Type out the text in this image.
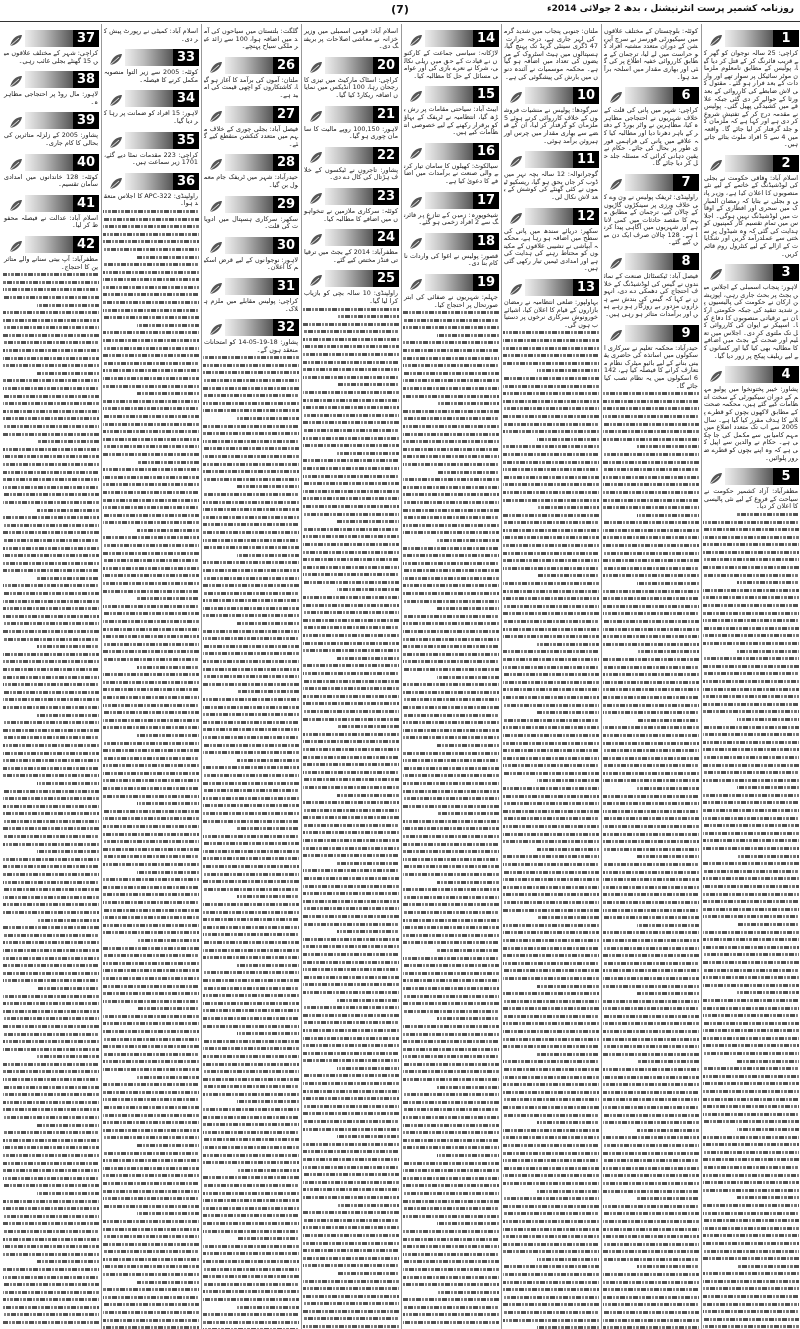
(7)	روزنامہ کشمیر پرست انٹرنیشنل ، بدھ 2 جولائی 2014ء
1
کراچی: 25 سالہ نوجوان کو گھر کے قریب فائرنگ کر کے قتل کر دیا گیا، پولیس کے مطابق نامعلوم ملزمان موٹر سائیکل پر سوار تھے اور واردات کے بعد فرار ہو گئے۔ مقتول کی لاش ضابطے کی کارروائی کے بعد ورثا کے حوالے کر دی گئی جبکہ علاقے میں کشیدگی پھیل گئی۔ پولیس نے مقدمہ درج کر کے تفتیش شروع کر دی ہے اور کہا ہے کہ ملزمان کو جلد گرفتار کر لیا جائے گا۔ واقعہ میں 4 سے 5 افراد ملوث بتائے جاتے ہیں۔
2
اسلام آباد: وفاقی حکومت نے بجلی کی لوڈشیڈنگ کے خاتمے کے لیے نئے منصوبوں کا اعلان کیا ہے، وزیر پانی و بجلی نے بتایا کہ رمضان المبارک میں سحری اور افطاری کے اوقات میں لوڈشیڈنگ نہیں ہوگی۔ اجلاس میں تمام تقسیم کار کمپنیوں کو ہدایت کی گئی کہ وہ شیڈول پر سختی سے عملدرآمد کریں اور شکایات کے ازالے کے لیے کنٹرول روم قائم کریں۔
3
لاہور: پنجاب اسمبلی کے اجلاس میں بجٹ پر بحث جاری رہی، اپوزیشن ارکان نے حکومت کی پالیسیوں پر شدید تنقید کی جبکہ حکومتی ارکان نے ترقیاتی منصوبوں کا دفاع کیا۔ اسپیکر نے ایوان کی کارروائی کل تک ملتوی کر دی۔ اجلاس میں تعلیم اور صحت کے بجٹ میں اضافے کا مطالبہ بھی کیا گیا اور کسانوں کے لیے ریلیف پیکج پر زور دیا گیا۔
4
پشاور: خیبر پختونخوا میں پولیو مہم کے دوران سیکیورٹی کے سخت انتظامات کیے گئے ہیں، محکمہ صحت کے مطابق لاکھوں بچوں کو قطرے پلانے کا ہدف مقرر کیا گیا ہے۔ سال 2005 سے اب تک متعدد اضلاع میں مہم کامیابی سے مکمل کی جا چکی ہے۔ حکام نے والدین سے اپیل کی ہے کہ وہ اپنے بچوں کو قطرے ضرور پلوائیں۔
5
مظفرآباد: آزاد کشمیر حکومت نے سیاحت کے فروغ کے لیے نئی پالیسی کا اعلان کر دیا۔
کوئٹہ: بلوچستان کے مختلف علاقوں میں سیکیورٹی فورسز نے سرچ آپریشن کے دوران متعدد مشتبہ افراد کو حراست میں لے لیا، ترجمان کے مطابق کارروائی خفیہ اطلاع پر کی گئی اور بھاری مقدار میں اسلحہ برآمد ہوا۔
6
کراچی: شہر میں پانی کی قلت کے خلاف شہریوں نے احتجاجی مظاہرہ کیا، مظاہرین نے واٹر بورڈ کے دفتر کے باہر دھرنا دیا اور مطالبہ کیا کہ علاقے میں پانی کی فراہمی فوری طور پر بحال کی جائے۔ حکام نے یقین دہانی کرائی کہ مسئلہ جلد حل کر دیا جائے گا۔
7
راولپنڈی: ٹریفک پولیس نے ون وے کی خلاف ورزی پر سینکڑوں گاڑیوں کے چالان کیے، ترجمان کے مطابق مہم کا مقصد حادثات میں کمی لانا ہے اور شہریوں میں آگاہی پیدا کرنا ہے۔ 128 چالان صرف ایک دن میں کیے گئے۔
8
فیصل آباد: ٹیکسٹائل صنعت کے نمائندوں نے گیس کی لوڈشیڈنگ کے خلاف احتجاج کی دھمکی دے دی، انہوں نے کہا کہ گیس کی بندش سے ہزاروں مزدور بے روزگار ہو رہے ہیں اور برآمدات متاثر ہو رہی ہیں۔
9
حیدرآباد: محکمہ تعلیم نے سرکاری اسکولوں میں اساتذہ کی حاضری یقینی بنانے کے لیے بائیو میٹرک نظام متعارف کرانے کا فیصلہ کیا ہے، 1426 اسکولوں میں یہ نظام نصب کیا جائے گا۔
ملتان: جنوبی پنجاب میں شدید گرمی کی لہر جاری ہے، درجہ حرارت 47 ڈگری سینٹی گریڈ تک پہنچ گیا، ہسپتالوں میں ہیٹ اسٹروک کے مریضوں کی تعداد میں اضافہ ہو گیا ہے۔ محکمہ موسمیات نے آئندہ دنوں میں بارش کی پیشگوئی کی ہے۔
10
سرگودھا: پولیس نے منشیات فروشوں کے خلاف کارروائی کرتے ہوئے 5 ملزمان کو گرفتار کر لیا، ان کے قبضے سے بھاری مقدار میں چرس اور ہیروئن برآمد ہوئی۔
11
گوجرانوالہ: 12 سالہ بچہ نہر میں ڈوب کر جاں بحق ہو گیا، ریسکیو ٹیموں نے کئی گھنٹے کی کوشش کے بعد لاش نکال لی۔
12
سکھر: دریائے سندھ میں پانی کی سطح میں اضافہ ہو رہا ہے، محکمہ آبپاشی نے نشیبی علاقوں کے مکینوں کو محتاط رہنے کی ہدایت کی ہے اور امدادی ٹیمیں تیار رکھی گئی ہیں۔
13
بہاولپور: ضلعی انتظامیہ نے رمضان بازاروں کے قیام کا اعلان کیا، اشیائے خورونوش سرکاری نرخوں پر دستیاب ہوں گی۔
14
لاڑکانہ: سیاسی جماعت کے کارکنوں نے قیادت کے حق میں ریلی نکالی، شرکا نے نعرے بازی کی اور عوامی مسائل کے حل کا مطالبہ کیا۔
15
ایبٹ آباد: سیاحتی مقامات پر رش بڑھ گیا، انتظامیہ نے ٹریفک کے بہاؤ کو برقرار رکھنے کے لیے خصوصی انتظامات کیے ہیں۔
16
سیالکوٹ: کھیلوں کا سامان تیار کرنے والی صنعت نے برآمدات میں اضافے کا دعویٰ کیا ہے۔
17
شیخوپورہ: زمین کے تنازع پر فائرنگ سے 2 افراد زخمی ہو گئے۔
18
قصور: پولیس نے اغوا کی واردات ناکام بنا دی۔
19
جہلم: شہریوں نے صفائی کی ابتر صورتحال پر احتجاج کیا۔
اسلام آباد: قومی اسمبلی میں وزیر خزانہ نے معاشی اصلاحات پر بریفنگ دی۔
20
کراچی: اسٹاک مارکیٹ میں تیزی کا رجحان رہا، 100 انڈیکس میں نمایاں اضافہ ریکارڈ کیا گیا۔
21
لاہور: 100,150 روپے مالیت کا سامان چوری ہو گیا۔
22
پشاور: تاجروں نے ٹیکسوں کے خلاف ہڑتال کی کال دے دی۔
23
کوئٹہ: سرکاری ملازمین نے تنخواہوں میں اضافے کا مطالبہ کیا۔
24
مظفرآباد: 2014 کے بجٹ میں ترقیاتی فنڈز مختص کیے گئے۔
25
راولپنڈی: 10 سالہ بچی کو بازیاب کرا لیا گیا۔
گلگت: بلتستان میں سیاحوں کی آمد میں اضافہ ہوا، 100 سے زائد غیر ملکی سیاح پہنچے۔
26
ملتان: آموں کی برآمد کا آغاز ہو گیا، کاشتکاروں کو اچھی قیمت کی امید ہے۔
27
فیصل آباد: بجلی چوری کے خلاف مہم میں متعدد کنکشن منقطع کیے گئے۔
28
حیدرآباد: شہر میں ٹریفک جام معمول بن گیا۔
29
سکھر: سرکاری ہسپتال میں ادویات کی قلت۔
30
لاہور: نوجوانوں کے لیے قرض اسکیم کا اعلان۔
31
کراچی: پولیس مقابلے میں ملزم ہلاک۔
32
پشاور: 18-19-05-14 کو امتحانات منعقد ہوں گے۔
اسلام آباد: کمیٹی نے رپورٹ پیش کر دی۔
33
کوئٹہ: 2005 سے زیر التوا منصوبہ مکمل کرنے کا فیصلہ۔
34
لاہور: 15 افراد کو ضمانت پر رہا کر دیا گیا۔
35
کراچی: 223 مقدمات نمٹا دیے گئے، 1701 زیر سماعت ہیں۔
36
راولپنڈی: APC-322 کا اجلاس منعقد ہوا۔
37
کراچی: شہر کے مختلف علاقوں میں 15 گھنٹے بجلی غائب رہی۔
38
لاہور: مال روڈ پر احتجاجی مظاہرہ۔
39
پشاور: 2005 کے زلزلہ متاثرین کی بحالی کا کام جاری۔
40
کوئٹہ: 128 خاندانوں میں امدادی سامان تقسیم۔
41
اسلام آباد: عدالت نے فیصلہ محفوظ کر لیا۔
42
مظفرآباد: آپ بیتی سنانے والے متاثرین کا احتجاج۔
